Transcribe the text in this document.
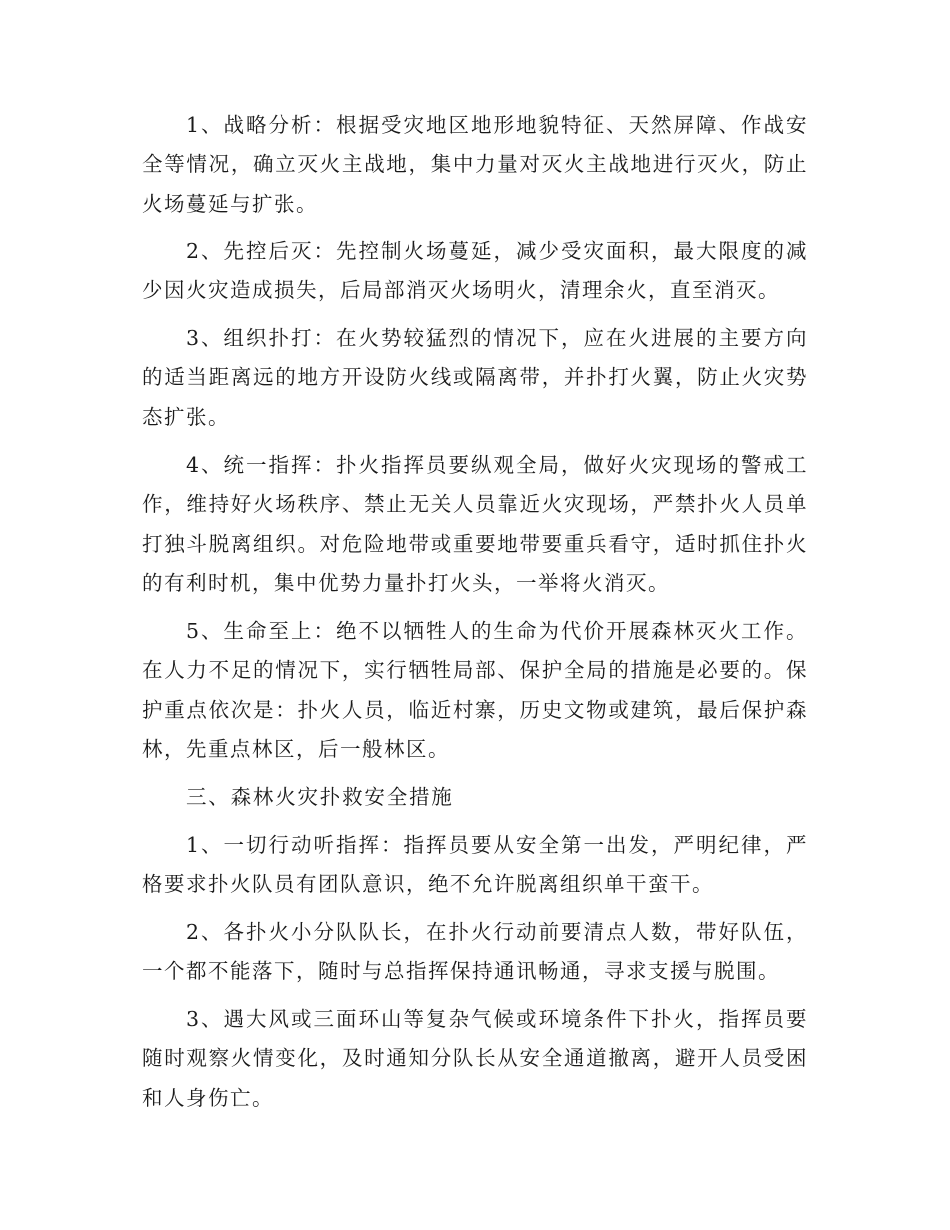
1、战略分析：根据受灾地区地形地貌特征、天然屏障、作战安全等情况，确立灭火主战地，集中力量对灭火主战地进行灭火，防止火场蔓延与扩张。

2、先控后灭：先控制火场蔓延，减少受灾面积，最大限度的减少因火灾造成损失，后局部消灭火场明火，清理余火，直至消灭。

3、组织扑打：在火势较猛烈的情况下，应在火进展的主要方向的适当距离远的地方开设防火线或隔离带，并扑打火翼，防止火灾势态扩张。

4、统一指挥：扑火指挥员要纵观全局，做好火灾现场的警戒工作，维持好火场秩序、禁止无关人员靠近火灾现场，严禁扑火人员单打独斗脱离组织。对危险地带或重要地带要重兵看守，适时抓住扑火的有利时机，集中优势力量扑打火头，一举将火消灭。

5、生命至上：绝不以牺牲人的生命为代价开展森林灭火工作。在人力不足的情况下，实行牺牲局部、保护全局的措施是必要的。保护重点依次是：扑火人员，临近村寨，历史文物或建筑，最后保护森林，先重点林区，后一般林区。

三、森林火灾扑救安全措施

1、一切行动听指挥：指挥员要从安全第一出发，严明纪律，严格要求扑火队员有团队意识，绝不允许脱离组织单干蛮干。

2、各扑火小分队队长，在扑火行动前要清点人数，带好队伍，一个都不能落下，随时与总指挥保持通讯畅通，寻求支援与脱围。

3、遇大风或三面环山等复杂气候或环境条件下扑火，指挥员要随时观察火情变化，及时通知分队长从安全通道撤离，避开人员受困和人身伤亡。
